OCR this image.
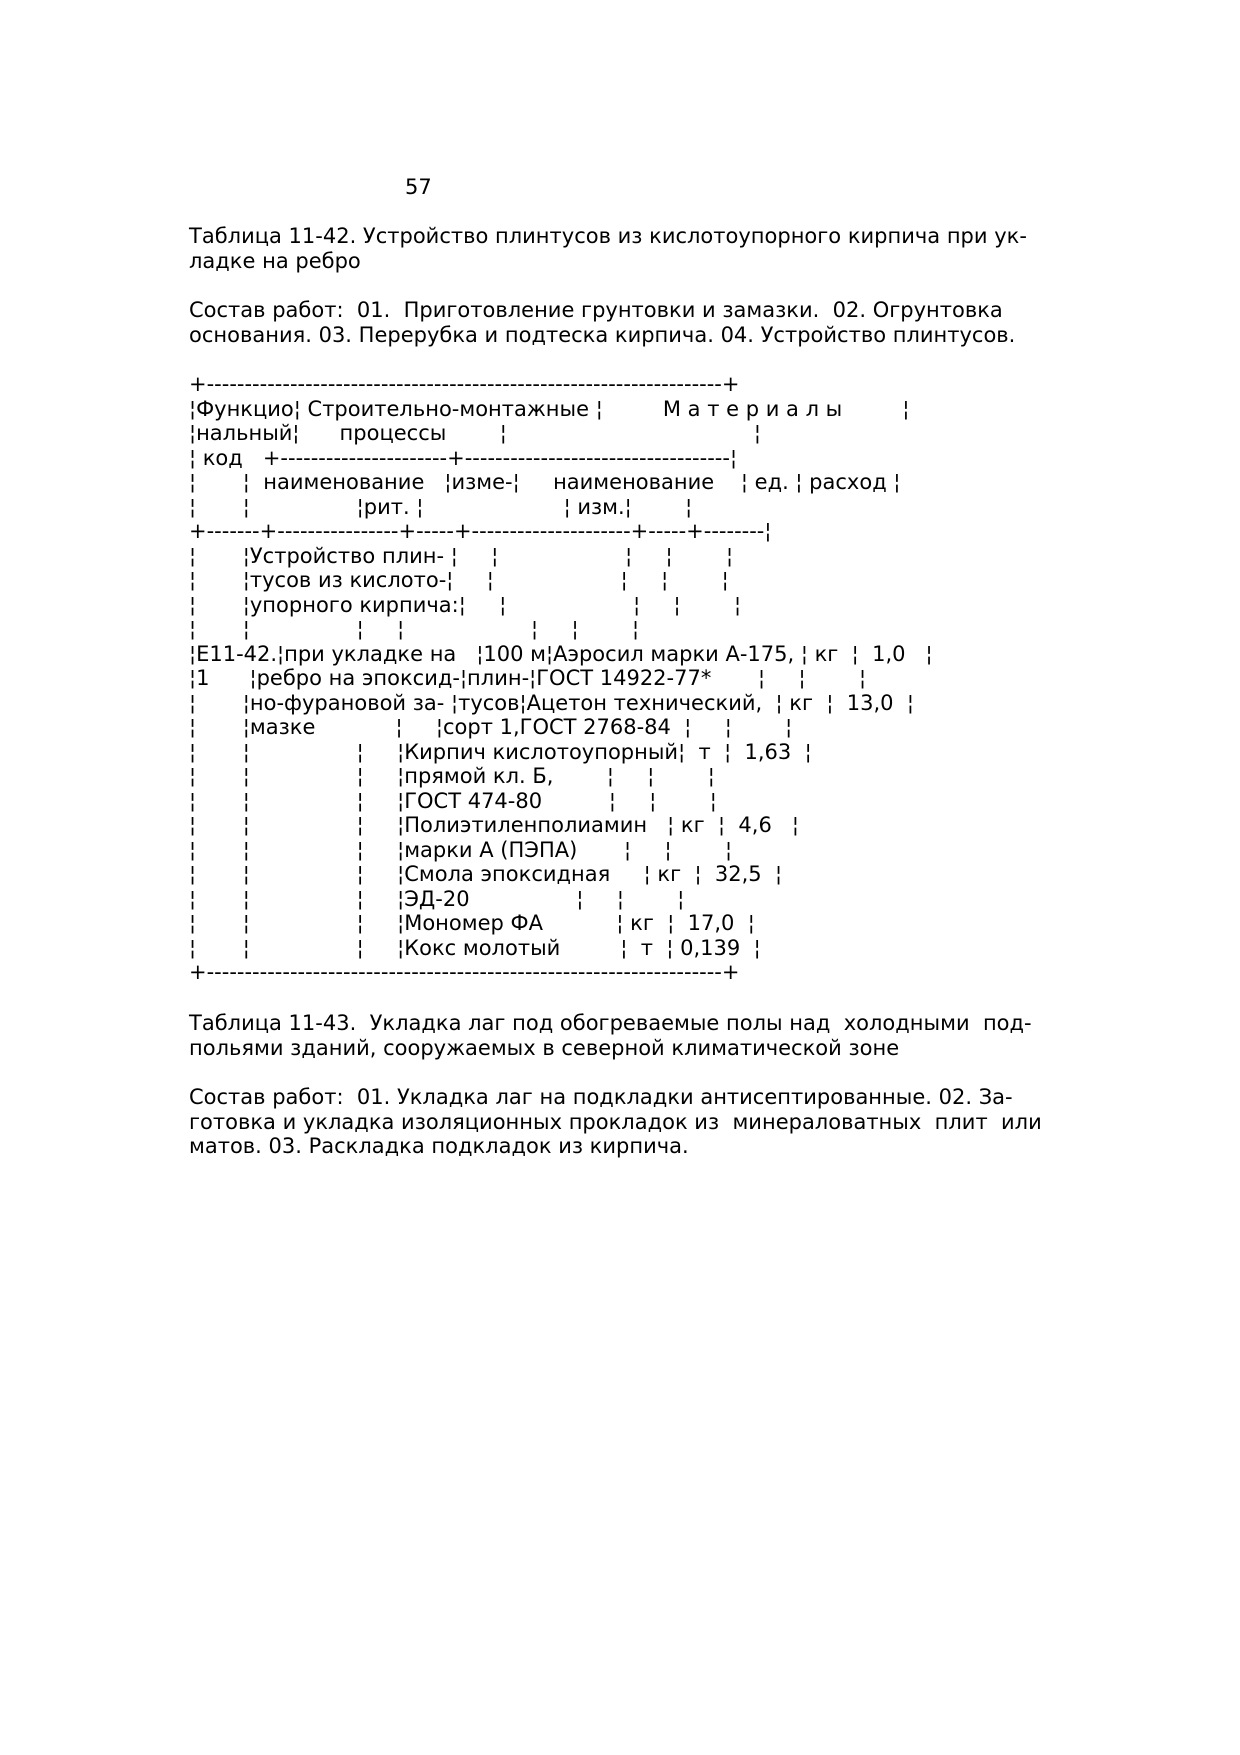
57
Таблица 11-42. Устройство плинтусов из кислотоупорного кирпича при ук-
ладке на ребро
Состав работ:  01.  Приготовление грунтовки и замазки.  02. Огрунтовка
основания. 03. Перерубка и подтеска кирпича. 04. Устройство плинтусов.
+--------------------------------------------------------------------+
¦Функцио¦ Строительно-монтажные ¦         М а т е р и а л ы         ¦
¦нальный¦      процессы        ¦                                     ¦
¦ код   +----------------------+-----------------------------------¦
¦       ¦  наименование   ¦изме-¦     наименование    ¦ ед. ¦ расход ¦
¦       ¦                ¦рит. ¦                     ¦ изм.¦        ¦
+-------+----------------+-----+---------------------+-----+--------¦
¦       ¦Устройство плин- ¦     ¦                   ¦     ¦        ¦
¦       ¦тусов из кислото-¦     ¦                   ¦     ¦        ¦
¦       ¦упорного кирпича:¦     ¦                   ¦     ¦        ¦
¦       ¦                ¦     ¦                   ¦     ¦        ¦
¦Е11-42.¦при укладке на   ¦100 м¦Аэросил марки А-175, ¦ кг  ¦  1,0   ¦
¦1      ¦ребро на эпоксид-¦плин-¦ГОСТ 14922-77*       ¦     ¦        ¦
¦       ¦но-фурановой за- ¦тусов¦Ацетон технический,  ¦ кг  ¦  13,0  ¦
¦       ¦мазке            ¦     ¦сорт 1,ГОСТ 2768-84  ¦     ¦        ¦
¦       ¦                ¦     ¦Кирпич кислотоупорный¦  т  ¦  1,63  ¦
¦       ¦                ¦     ¦прямой кл. Б,        ¦     ¦        ¦
¦       ¦                ¦     ¦ГОСТ 474-80          ¦     ¦        ¦
¦       ¦                ¦     ¦Полиэтиленполиамин   ¦ кг  ¦  4,6   ¦
¦       ¦                ¦     ¦марки А (ПЭПА)       ¦     ¦        ¦
¦       ¦                ¦     ¦Смола эпоксидная     ¦ кг  ¦  32,5  ¦
¦       ¦                ¦     ¦ЭД-20                ¦     ¦        ¦
¦       ¦                ¦     ¦Мономер ФА           ¦ кг  ¦  17,0  ¦
¦       ¦                ¦     ¦Кокс молотый         ¦  т  ¦ 0,139  ¦
+--------------------------------------------------------------------+
Таблица 11-43.  Укладка лаг под обогреваемые полы над  холодными  под-
польями зданий, сооружаемых в северной климатической зоне
Состав работ:  01. Укладка лаг на подкладки антисептированные. 02. За-
готовка и укладка изоляционных прокладок из  минераловатных  плит  или
матов. 03. Раскладка подкладок из кирпича.
